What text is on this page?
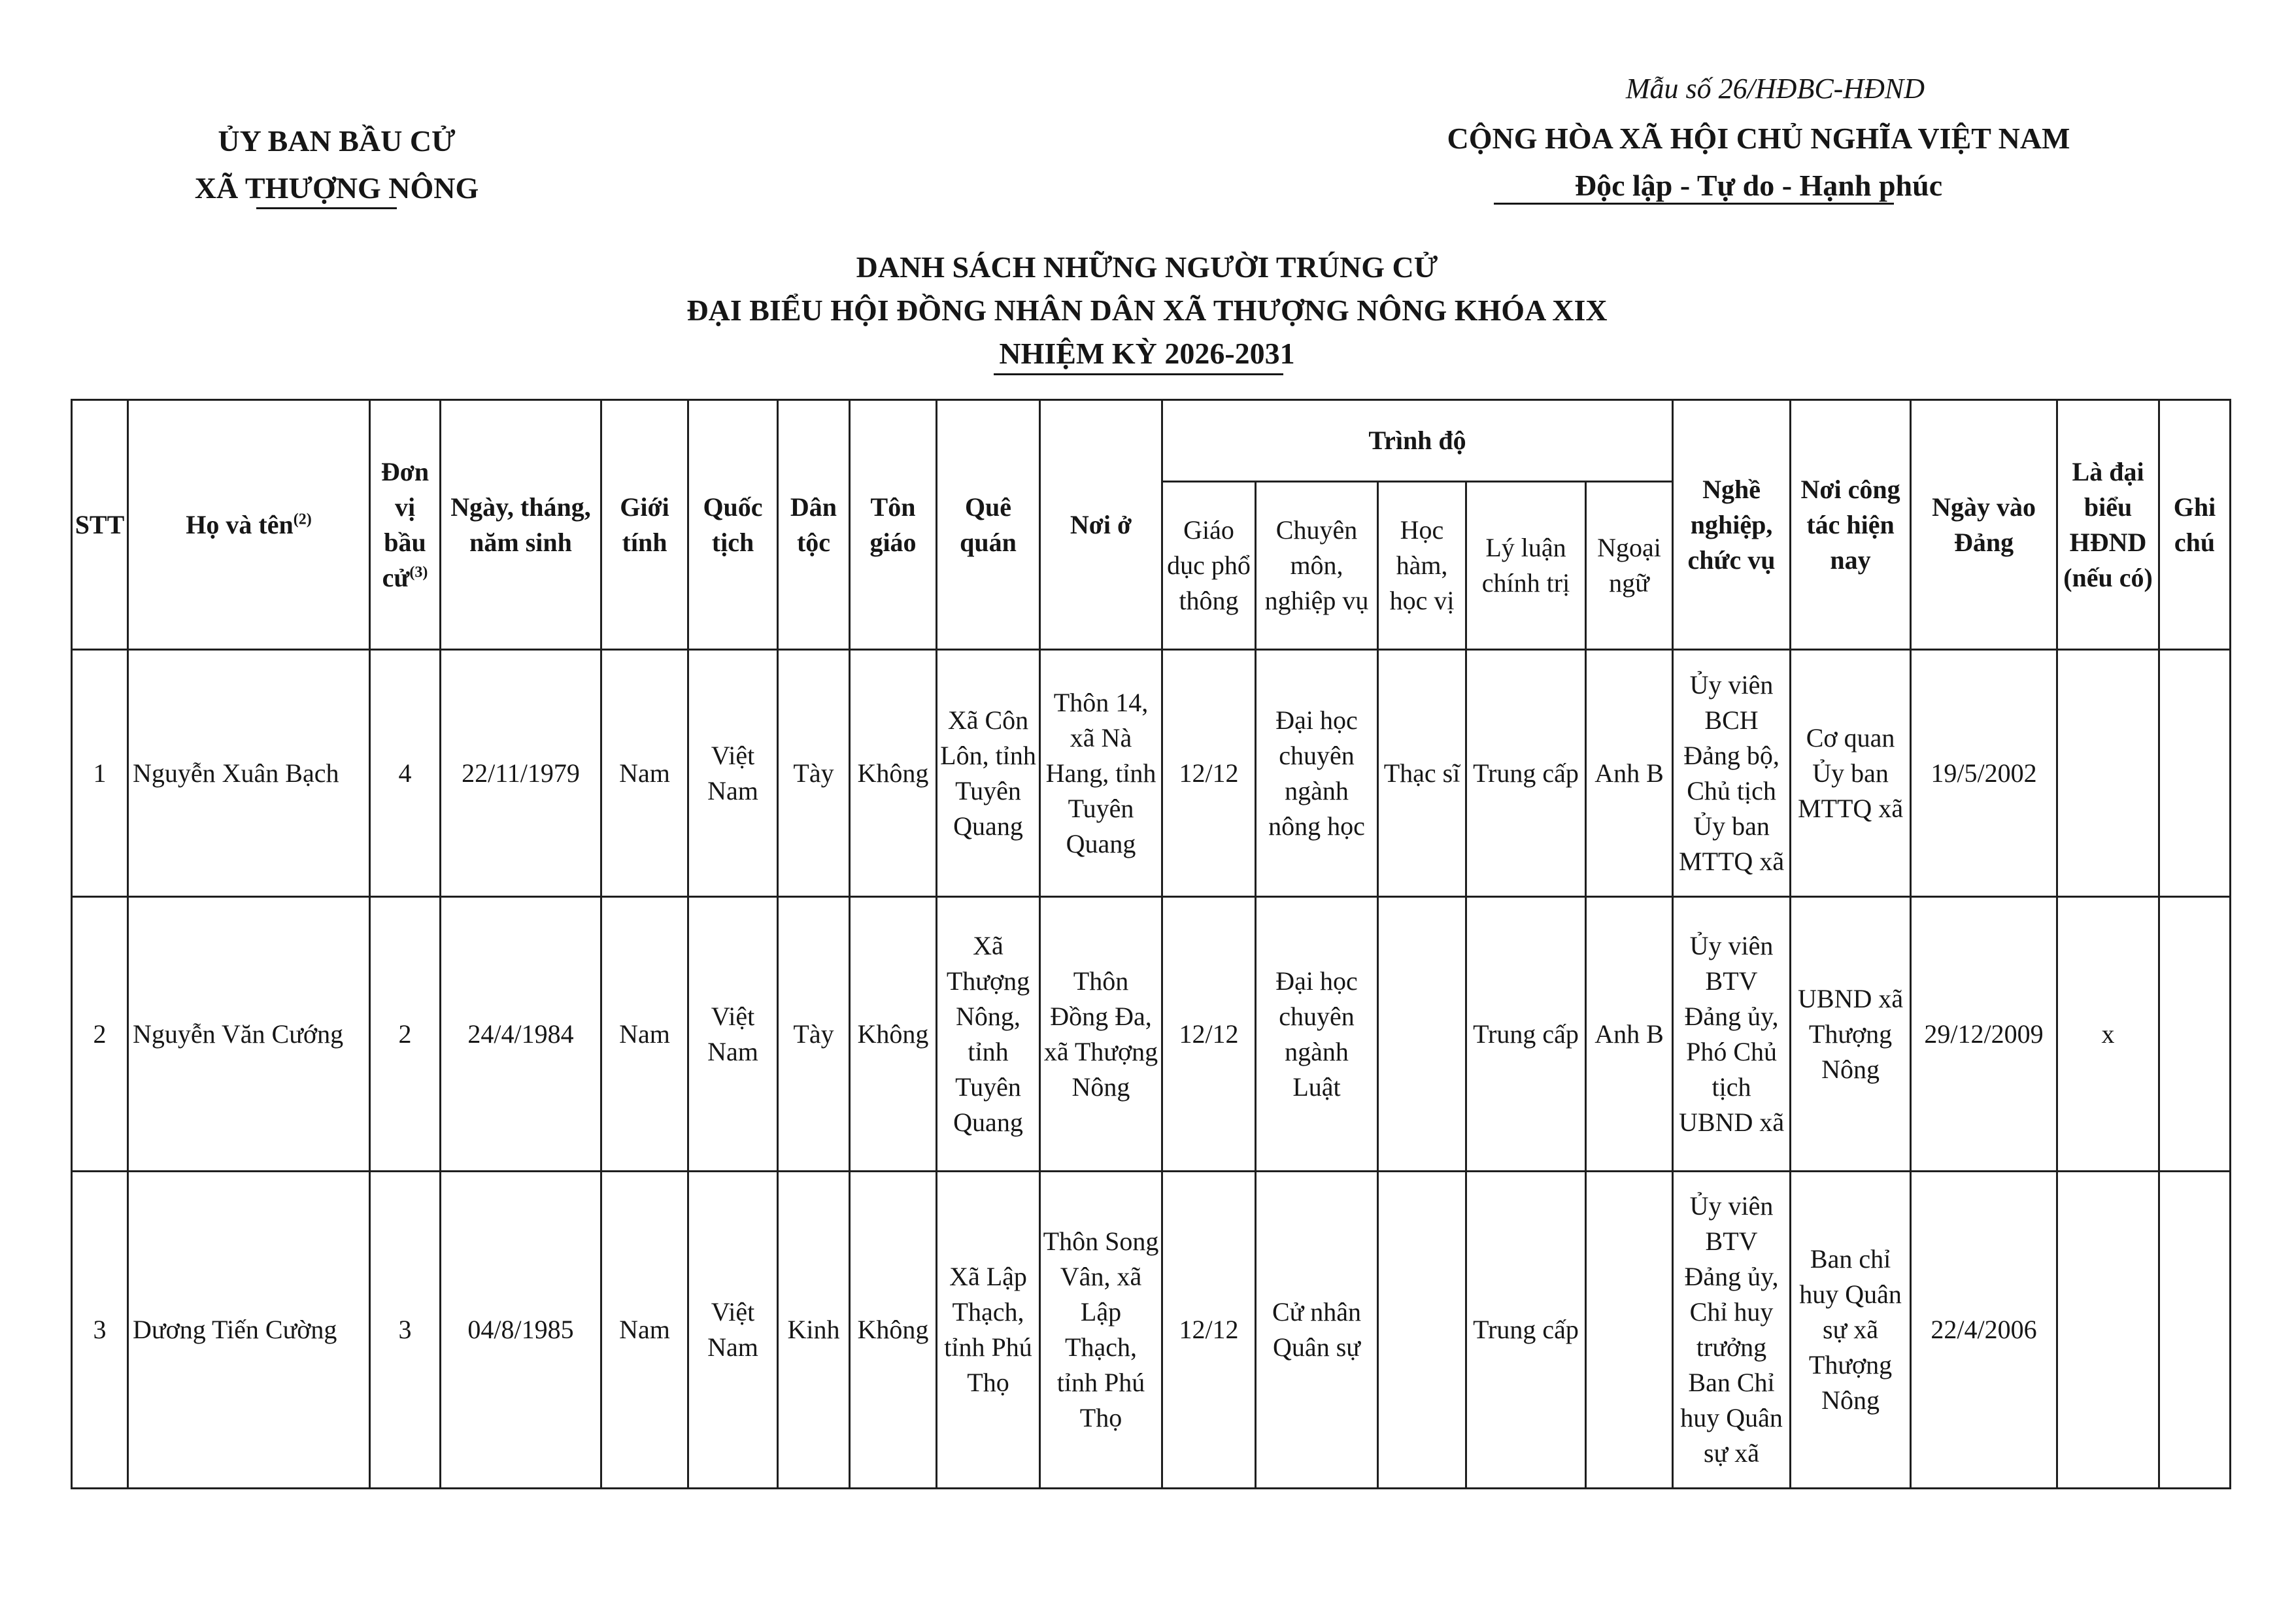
Mẫu số 26/HĐBC-HĐND
ỦY BAN BẦU CỬ
XÃ THƯỢNG NÔNG
CỘNG HÒA XÃ HỘI CHỦ NGHĨA VIỆT NAM
Độc lập - Tự do - Hạnh phúc
DANH SÁCH NHỮNG NGƯỜI TRÚNG CỬ
ĐẠI BIỂU HỘI ĐỒNG NHÂN DÂN XÃ THƯỢNG NÔNG KHÓA XIX
NHIỆM KỲ 2026-2031
STT	Họ và tên$^{(2)}$	Đơn vị bầu cử$^{(3)}$	Ngày, tháng, năm sinh	Giới tính	Quốc tịch	Dân tộc	Tôn giáo	Quê quán	Nơi ở	Trình độ					Nghề nghiệp, chức vụ	Nơi công tác hiện nay	Ngày vào Đảng	Là đại biểu HĐND (nếu có)	Ghi chú
										Giáo dục phổ thông	Chuyên môn, nghiệp vụ	Học hàm, học vị	Lý luận chính trị	Ngoại ngữ					
1	Nguyễn Xuân Bạch	4	22/11/1979	Nam	Việt Nam	Tày	Không	Xã Côn Lôn, tỉnh Tuyên Quang	Thôn 14, xã Nà Hang, tỉnh Tuyên Quang	12/12	Đại học chuyên ngành nông học	Thạc sĩ	Trung cấp	Anh B	Ủy viên BCH Đảng bộ, Chủ tịch Ủy ban MTTQ xã	Cơ quan Ủy ban MTTQ xã	19/5/2002		
2	Nguyễn Văn Cướng	2	24/4/1984	Nam	Việt Nam	Tày	Không	Xã Thượng Nông, tỉnh Tuyên Quang	Thôn Đồng Đa, xã Thượng Nông	12/12	Đại học chuyên ngành Luật		Trung cấp	Anh B	Ủy viên BTV Đảng ủy, Phó Chủ tịch UBND xã	UBND xã Thượng Nông	29/12/2009	x	
3	Dương Tiến Cường	3	04/8/1985	Nam	Việt Nam	Kinh	Không	Xã Lập Thạch, tỉnh Phú Thọ	Thôn Song Vân, xã Lập Thạch, tỉnh Phú Thọ	12/12	Cử nhân Quân sự		Trung cấp		Ủy viên BTV Đảng ủy, Chỉ huy trưởng Ban Chỉ huy Quân sự xã	Ban chỉ huy Quân sự xã Thượng Nông	22/4/2006		
